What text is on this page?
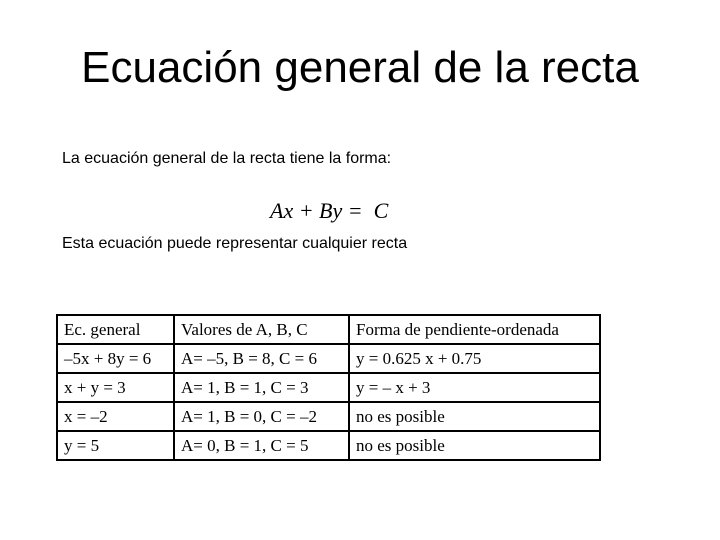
Ecuación general de la recta
La ecuación general de la recta tiene la forma:
Ax + By =  C
Esta ecuación puede representar cualquier recta
Ec. general	Valores de A, B, C	Forma de pendiente-ordenada
–5x + 8y = 6	A= –5, B = 8, C = 6	y = 0.625 x + 0.75
x + y = 3	A= 1, B = 1, C = 3	y = – x + 3
x = –2	A= 1, B = 0, C = –2	no es posible
y = 5	A= 0, B = 1, C = 5	no es posible
